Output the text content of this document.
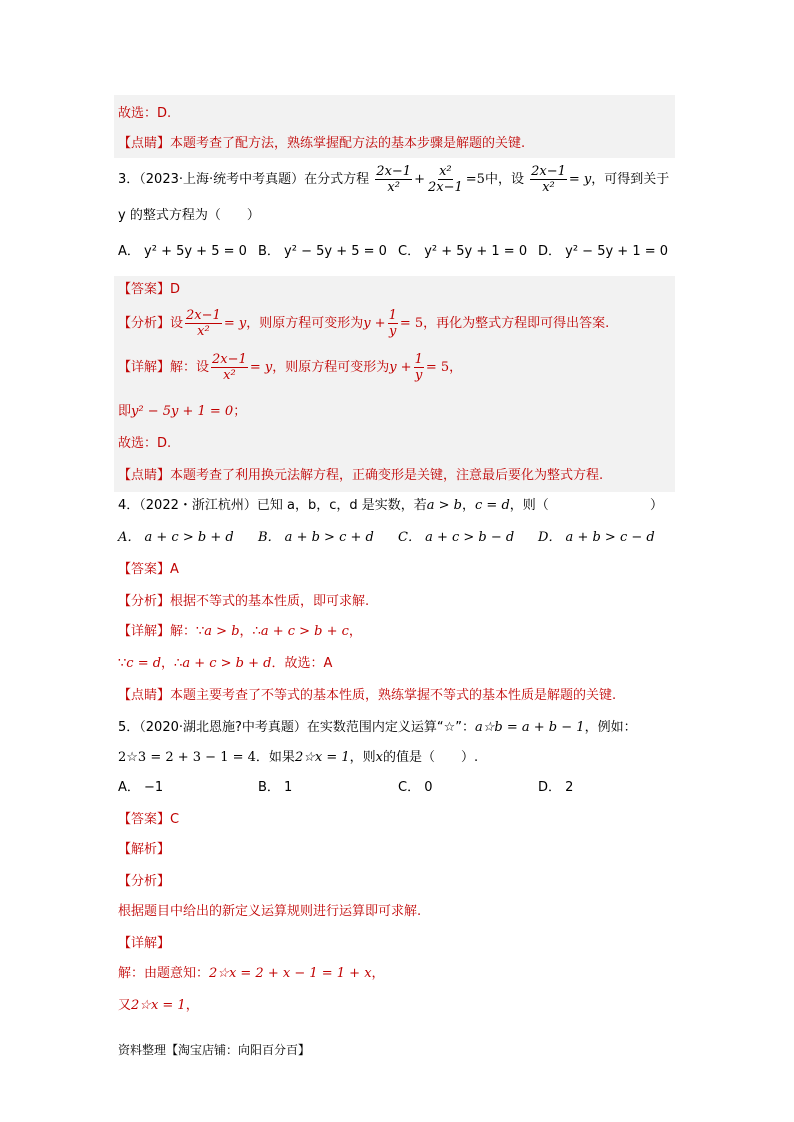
故选：D.
【点睛】本题考查了配方法，熟练掌握配方法的基本步骤是解题的关键.
3．（2023·上海·统考中考真题）在分式方程 $\frac{2x-1}{\text{x²}} + \frac{\text{x²}}{2x-1} =5$中，设 $\frac{2x-1}{\text{x²}} = y$，可得到关于
y 的整式方程为（　　）
A． y² + 5y + 5 = 0 B． y² − 5y + 5 = 0 C． y² + 5y + 1 = 0 D． y² − 5y + 1 = 0
【答案】D
【分析】设 $\frac{2x-1}{\text{x²}} = y$，则原方程可变形为$y + \frac{1}{y} = 5$，再化为整式方程即可得出答案.
【详解】解：设 $\frac{2x-1}{\text{x²}} = y$，则原方程可变形为$y + \frac{1}{y} = 5$，
即y² − 5y + 1 = 0；
故选：D.
【点睛】本题考查了利用换元法解方程，正确变形是关键，注意最后要化为整式方程.
4．（2022・浙江杭州）已知 a，b，c，d 是实数，若a > b，c = d，则（	）
A． a + c > b + d B． a + b > c + d C． a + c > b − d D． a + b > c − d
【答案】A
【分析】根据不等式的基本性质，即可求解.
【详解】解：∵a > b，∴a + c > b + c，
∵c = d，∴a + c > b + d．故选：A
【点睛】本题主要考查了不等式的基本性质，熟练掌握不等式的基本性质是解题的关键.
5．（2020·湖北恩施?中考真题）在实数范围内定义运算“☆”：a☆b = a + b − 1，例如：
2☆3 = 2 + 3 − 1 = 4．如果2☆x = 1，则x的值是（　　）.
A． −1	B． 1	C． 0	D． 2
【答案】C
【解析】
【分析】
根据题目中给出的新定义运算规则进行运算即可求解.
【详解】
解：由题意知：2☆x = 2 + x − 1 = 1 + x，
又2☆x = 1，
资料整理【淘宝店铺：向阳百分百】
